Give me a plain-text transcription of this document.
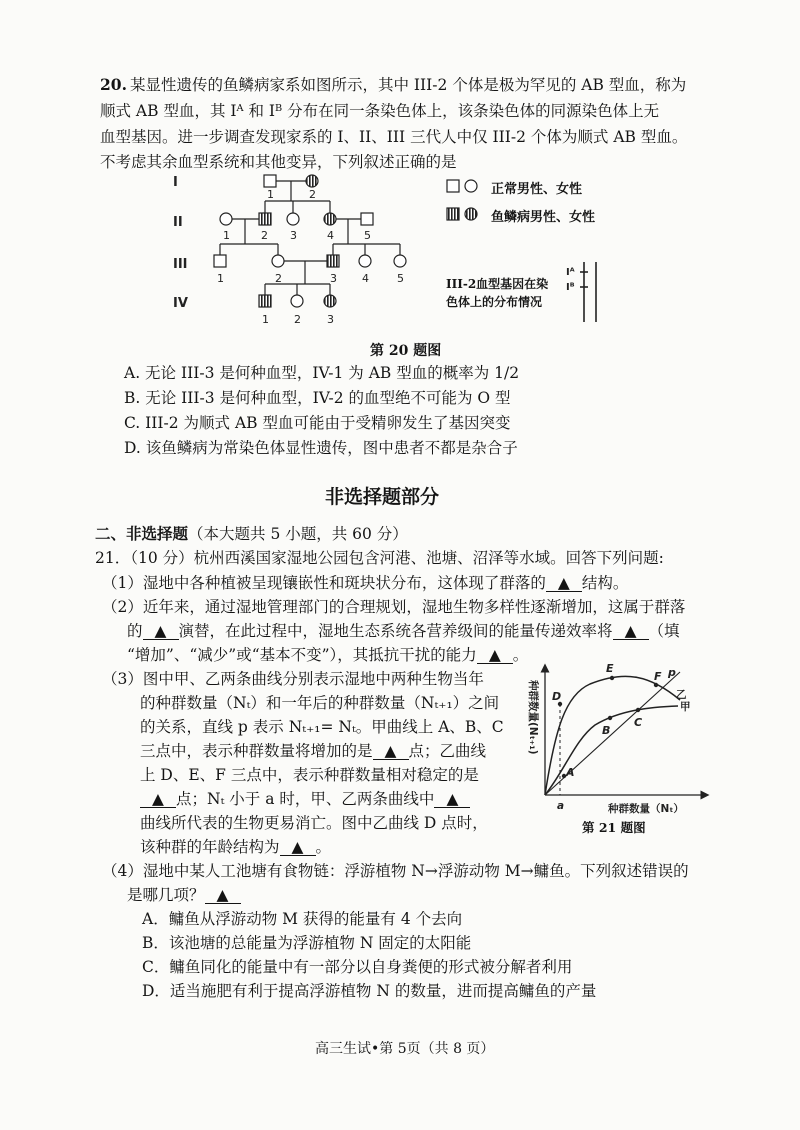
20. 某显性遗传的鱼鳞病家系如图所示，其中 III-2 个体是极为罕见的 AB 型血，称为
顺式 AB 型血，其 Iᴬ 和 Iᴮ 分布在同一条染色体上，该条染色体的同源染色体上无
血型基因。进一步调查发现家系的 I、II、III 三代人中仅 III-2 个体为顺式 AB 型血。
不考虑其余血型系统和其他变异，下列叙述正确的是
I
II
III
IV
1	2
1	2 3	4	5
1	2	3 4	5
1 2 3
正常男性、女性
鱼鳞病男性、女性
III-2血型基因在染
色体上的分布情况
Iᴬ
Iᴮ
第 20 题图
A. 无论 III-3 是何种血型，IV-1 为 AB 型血的概率为 1/2
B. 无论 III-3 是何种血型，IV-2 的血型绝不可能为 O 型
C. III-2 为顺式 AB 型血可能由于受精卵发生了基因突变
D. 该鱼鳞病为常染色体显性遗传，图中患者不都是杂合子
非选择题部分
二、非选择题（本大题共 5 小题，共 60 分）
21．（10 分）杭州西溪国家湿地公园包含河港、池塘、沼泽等水域。回答下列问题:
（1）湿地中各种植被呈现镶嵌性和斑块状分布，这体现了群落的 ▲ 结构。
（2）近年来，通过湿地管理部门的合理规划，湿地生物多样性逐渐增加，这属于群落
的 ▲ 演替，在此过程中，湿地生态系统各营养级间的能量传递效率将 ▲ （填
“增加”、“减少”或“基本不变”），其抵抗干扰的能力 ▲ 。
（3）图中甲、乙两条曲线分别表示湿地中两种生物当年
的种群数量（Nₜ）和一年后的种群数量（Nₜ₊₁）之间
的关系，直线 p 表示 Nₜ₊₁= Nₜ。甲曲线上 A、B、C
三点中，表示种群数量将增加的是 ▲ 点；乙曲线
上 D、E、F 三点中，表示种群数量相对稳定的是
▲ 点；Nₜ 小于 a 时，甲、乙两条曲线中 ▲
曲线所代表的生物更易消亡。图中乙曲线 D 点时，
该种群的年龄结构为 ▲ 。
A
B
C
D
E
F p
乙
甲
a	种群数量（Nₜ）
种群数量(Nₜ₊₁)
第 21 题图
（4）湿地中某人工池塘有食物链：浮游植物 N→浮游动物 M→鳙鱼。下列叙述错误的
是哪几项？ ▲
A．鳙鱼从浮游动物 M 获得的能量有 4 个去向
B．该池塘的总能量为浮游植物 N 固定的太阳能
C．鳙鱼同化的能量中有一部分以自身粪便的形式被分解者利用
D．适当施肥有利于提高浮游植物 N 的数量，进而提高鳙鱼的产量
高三生试•第 5页（共 8 页）
